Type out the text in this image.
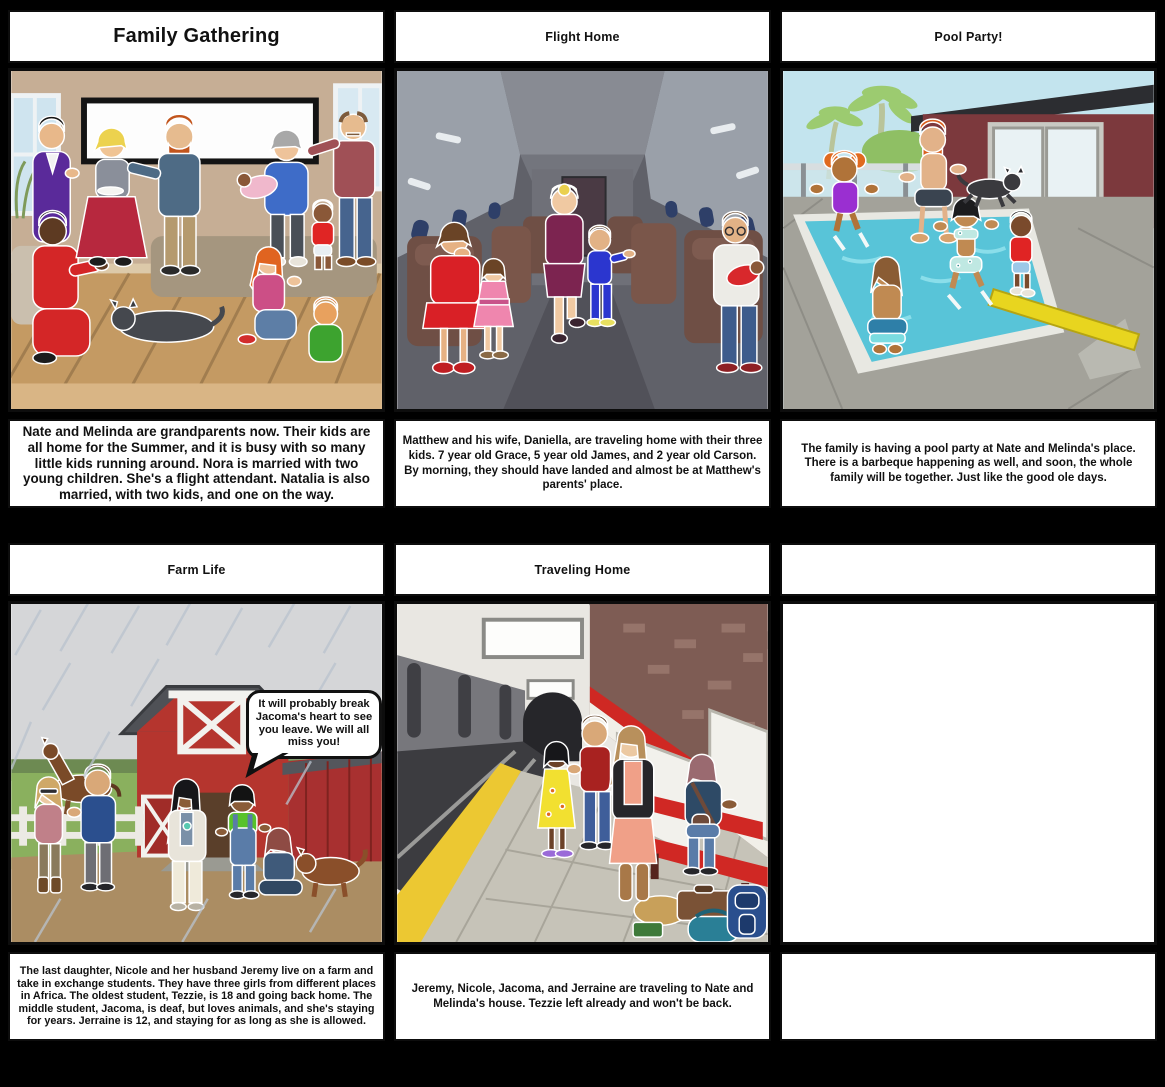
Family Gathering
Nate and Melinda are grandparents now. Their kids are all home for the Summer, and it is busy with so many little kids running around. Nora is married with two young children. She's a flight attendant. Natalia is also married, with two kids, and one on the way.
Flight Home
Matthew and his wife, Daniella, are traveling home with their three kids. 7 year old Grace, 5 year old James, and 2 year old Carson. By morning, they should have landed and almost be at Matthew's parents' place.
Pool Party!
The family is having a pool party at Nate and Melinda's place. There is a barbeque happening as well, and soon, the whole family will be together. Just like the good ole days.
Farm Life
It will probably break Jacoma's heart to see you leave. We will all miss you!
The last daughter, Nicole and her husband Jeremy live on a farm and take in exchange students. They have three girls from different places in Africa. The oldest student, Tezzie, is 18 and going back home. The middle student, Jacoma, is deaf, but loves animals, and she's staying for years. Jerraine is 12, and staying for as long as she is allowed.
Traveling Home
Jeremy, Nicole, Jacoma, and Jerraine are traveling to Nate and Melinda's house. Tezzie left already and won't be back.
